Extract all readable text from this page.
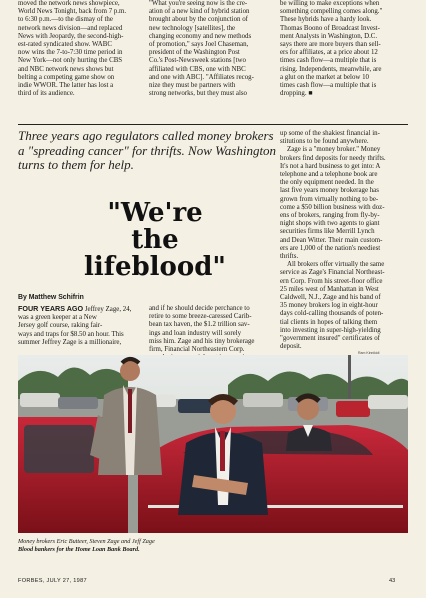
moved the network news showpiece,

World News Tonight, back from 7 p.m.

to 6:30 p.m.—to the dismay of the

network news division—and replaced

News with Jeopardy, the second-high-

est-rated syndicated show. WABC

now wins the 7-to-7:30 time period in

New York—not only hurting the CBS

and NBC network news shows but

belting a competing game show on

indie WWOR. The latter has lost a

third of its audience.

"What you're seeing now is the cre-

ation of a new kind of hybrid station

brought about by the conjunction of

new technology [satellites], the

changing economy and new methods

of promotion," says Joel Chaseman,

president of the Washington Post

Co.'s Post-Newsweek stations [two

affiliated with CBS, one with NBC

and one with ABC]. "Affiliates recog-

nize they must be partners with

strong networks, but they must also

be willing to make exceptions when

something compelling comes along."

These hybrids have a hardy look.

Thomas Boono of Broadcast Invest-

ment Analysts in Washington, D.C.

says there are more buyers than sell-

ers for affiliates, at a price about 12

times cash flow—a multiple that is

rising. Independents, meanwhile, are

a glut on the market at below 10

times cash flow—a multiple that is

dropping. ■

Three years ago regulators called money brokers a "spreading cancer" for thrifts. Now Washington turns to them for help.

up some of the shakiest financial in-

stitutions to be found anywhere.

Zage is a "money broker." Money

brokers find deposits for needy thrifts.

It's not a hard business to get into: A

telephone and a telephone book are

the only equipment needed. In the

last five years money brokerage has

grown from virtually nothing to be-

come a $50 billion business with doz-

ens of brokers, ranging from fly-by-

night shops with two agents to giant

securities firms like Merrill Lynch

and Dean Witter. Their main custom-

ers are 1,000 of the nation's neediest

thrifts.

All brokers offer virtually the same

service as Zage's Financial Northeast-

ern Corp. From his street-floor office

25 miles west of Manhattan in West

Caldwell, N.J., Zage and his band of

35 money brokers log in eight-hour

days cold-calling thousands of poten-

tial clients in hopes of talking them

into investing in super-high-yielding

"government insured" certificates of

deposit.

"We're the
lifeblood"
By Matthew Schifrin
FOUR YEARS AGO Jeffrey Zage, 24,
was a green keeper at a New
Jersey golf course, raking fair-
ways and traps for $8.50 an hour. This
summer Jeffrey Zage is a millionaire,
and if he should decide perchance to
retire to some breeze-caressed Carib-
bean tax haven, the $1.2 trillion sav-
ings and loan industry will sorely
miss him. Zage and his tiny brokerage
firm, Financial Northeastern Corp.	Ram Kinnikidi
Money brokers Eric Butteer, Steven Zage and Jeff Zage
Blood bankers for the Home Loan Bank Board.
FORBES, JULY 27, 1987	43
